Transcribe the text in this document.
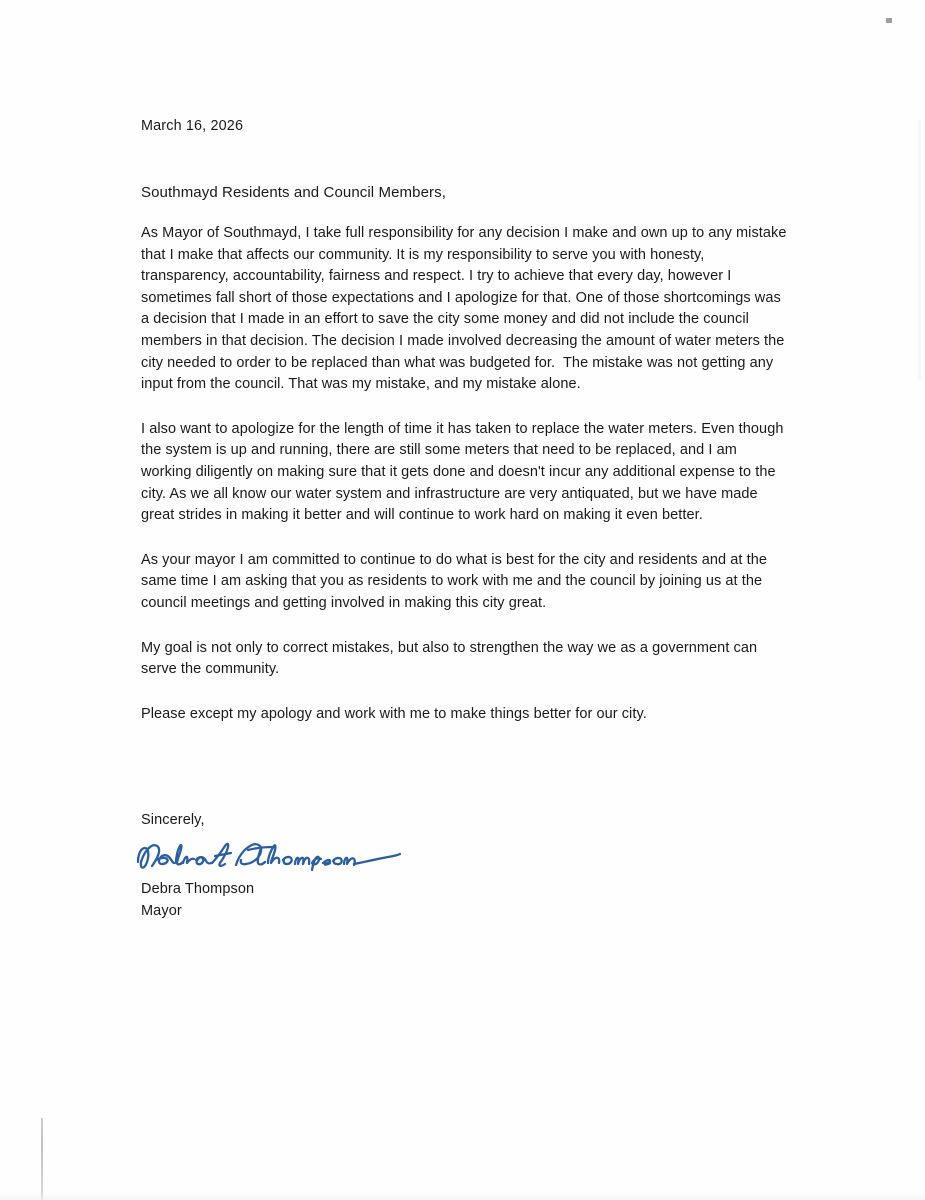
March 16, 2026
Southmayd Residents and Council Members,

As Mayor of Southmayd, I take full responsibility for any decision I make and own up to any mistake that I make that affects our community. It is my responsibility to serve you with honesty, transparency, accountability, fairness and respect. I try to achieve that every day, however I sometimes fall short of those expectations and I apologize for that. One of those shortcomings was a decision that I made in an effort to save the city some money and did not include the council members in that decision. The decision I made involved decreasing the amount of water meters the city needed to order to be replaced than what was budgeted for.  The mistake was not getting any input from the council. That was my mistake, and my mistake alone.

I also want to apologize for the length of time it has taken to replace the water meters. Even though the system is up and running, there are still some meters that need to be replaced, and I am working diligently on making sure that it gets done and doesn't incur any additional expense to the city. As we all know our water system and infrastructure are very antiquated, but we have made great strides in making it better and will continue to work hard on making it even better.

As your mayor I am committed to continue to do what is best for the city and residents and at the same time I am asking that you as residents to work with me and the council by joining us at the council meetings and getting involved in making this city great.

My goal is not only to correct mistakes, but also to strengthen the way we as a government can serve the community.

Please except my apology and work with me to make things better for our city.

Sincerely,
Debra Thompson
Mayor
